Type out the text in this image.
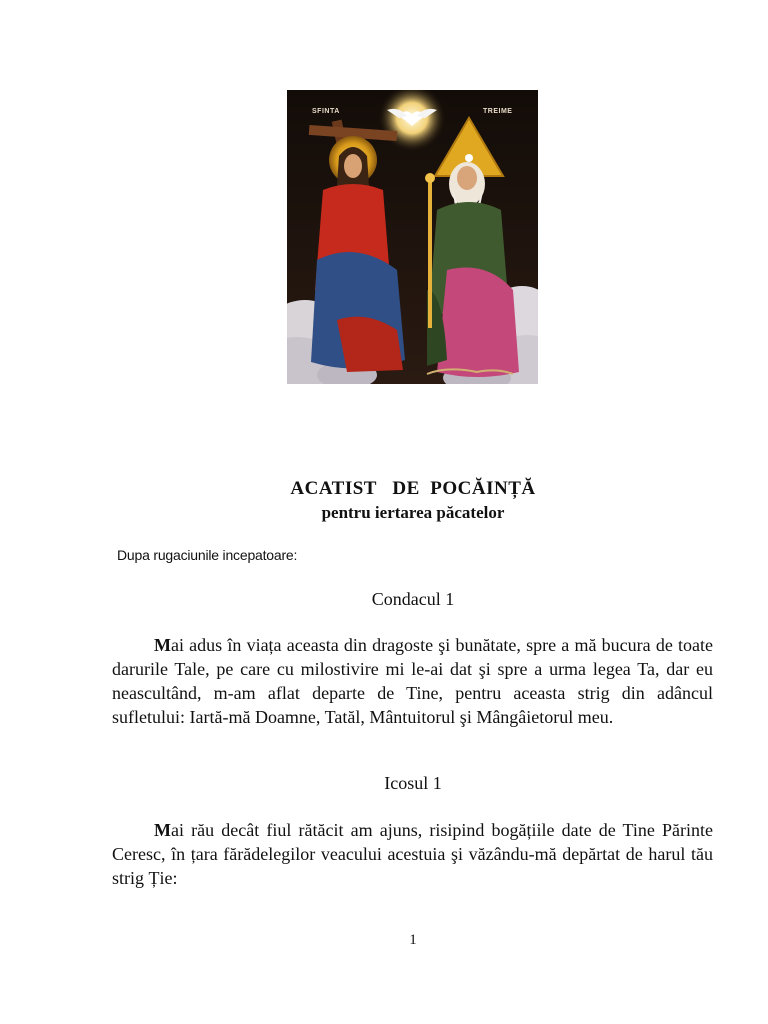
SFINTA	TREIME
ACATIST   DE  POCĂINȚĂ
pentru iertarea păcatelor
Dupa rugaciunile incepatoare:
Condacul 1
Mai adus în viața aceasta din dragoste şi bunătate, spre a mă bucura de toate darurile Tale, pe care cu milostivire mi le-ai dat şi spre a urma legea Ta, dar eu neascultând, m-am aflat departe de Tine, pentru aceasta strig din adâncul sufletului: Iartă-mă Doamne, Tatăl, Mântuitorul şi Mângâietorul meu.
Icosul 1
Mai rău decât fiul rătăcit am ajuns, risipind bogățiile date de Tine Părinte Ceresc, în țara fărădelegilor veacului acestuia şi văzându-mă depărtat de harul tău strig Ție:
1
